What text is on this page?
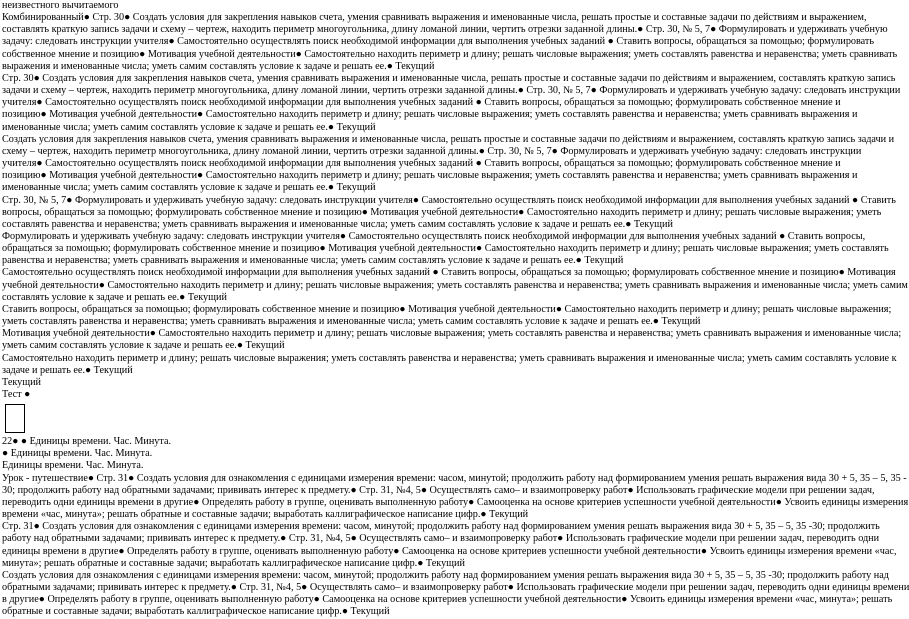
неизвестного вычитаемого
Комбинированный● Стр. 30● Создать условия для закрепления навыков счета, умения сравнивать выражения и именованные числа, решать простые и составные задачи по действиям и выражением,
составлять краткую запись задачи и схему – чертеж, находить периметр многоугольника, длину ломаной линии, чертить отрезки заданной длины.● Стр. 30, № 5, 7● Формулировать и удерживать учебную
задачу: следовать инструкции учителя● Самостоятельно осуществлять поиск необходимой информации для выполнения учебных заданий ● Ставить вопросы, обращаться за помощью; формулировать
собственное мнение и позицию● Мотивация учебной деятельности● Самостоятельно находить периметр и длину; решать числовые выражения; уметь составлять равенства и неравенства; уметь сравнивать
выражения и именованные числа; уметь самим составлять условие к задаче и решать ее.● Текущий
Стр. 30● Создать условия для закрепления навыков счета, умения сравнивать выражения и именованные числа, решать простые и составные задачи по действиям и выражением, составлять краткую запись
задачи и схему – чертеж, находить периметр многоугольника, длину ломаной линии, чертить отрезки заданной длины.● Стр. 30, № 5, 7● Формулировать и удерживать учебную задачу: следовать инструкции
учителя● Самостоятельно осуществлять поиск необходимой информации для выполнения учебных заданий ● Ставить вопросы, обращаться за помощью; формулировать собственное мнение и
позицию● Мотивация учебной деятельности● Самостоятельно находить периметр и длину; решать числовые выражения; уметь составлять равенства и неравенства; уметь сравнивать выражения и
именованные числа; уметь самим составлять условие к задаче и решать ее.● Текущий
Создать условия для закрепления навыков счета, умения сравнивать выражения и именованные числа, решать простые и составные задачи по действиям и выражением, составлять краткую запись задачи и
схему – чертеж, находить периметр многоугольника, длину ломаной линии, чертить отрезки заданной длины.● Стр. 30, № 5, 7● Формулировать и удерживать учебную задачу: следовать инструкции
учителя● Самостоятельно осуществлять поиск необходимой информации для выполнения учебных заданий ● Ставить вопросы, обращаться за помощью; формулировать собственное мнение и
позицию● Мотивация учебной деятельности● Самостоятельно находить периметр и длину; решать числовые выражения; уметь составлять равенства и неравенства; уметь сравнивать выражения и
именованные числа; уметь самим составлять условие к задаче и решать ее.● Текущий
Стр. 30, № 5, 7● Формулировать и удерживать учебную задачу: следовать инструкции учителя● Самостоятельно осуществлять поиск необходимой информации для выполнения учебных заданий ● Ставить
вопросы, обращаться за помощью; формулировать собственное мнение и позицию● Мотивация учебной деятельности● Самостоятельно находить периметр и длину; решать числовые выражения; уметь
составлять равенства и неравенства; уметь сравнивать выражения и именованные числа; уметь самим составлять условие к задаче и решать ее.● Текущий
Формулировать и удерживать учебную задачу: следовать инструкции учителя● Самостоятельно осуществлять поиск необходимой информации для выполнения учебных заданий ● Ставить вопросы,
обращаться за помощью; формулировать собственное мнение и позицию● Мотивация учебной деятельности● Самостоятельно находить периметр и длину; решать числовые выражения; уметь составлять
равенства и неравенства; уметь сравнивать выражения и именованные числа; уметь самим составлять условие к задаче и решать ее.● Текущий
Самостоятельно осуществлять поиск необходимой информации для выполнения учебных заданий ● Ставить вопросы, обращаться за помощью; формулировать собственное мнение и позицию● Мотивация
учебной деятельности● Самостоятельно находить периметр и длину; решать числовые выражения; уметь составлять равенства и неравенства; уметь сравнивать выражения и именованные числа; уметь самим
составлять условие к задаче и решать ее.● Текущий
Ставить вопросы, обращаться за помощью; формулировать собственное мнение и позицию● Мотивация учебной деятельности● Самостоятельно находить периметр и длину; решать числовые выражения;
уметь составлять равенства и неравенства; уметь сравнивать выражения и именованные числа; уметь самим составлять условие к задаче и решать ее.● Текущий
Мотивация учебной деятельности● Самостоятельно находить периметр и длину; решать числовые выражения; уметь составлять равенства и неравенства; уметь сравнивать выражения и именованные числа;
уметь самим составлять условие к задаче и решать ее.● Текущий
Самостоятельно находить периметр и длину; решать числовые выражения; уметь составлять равенства и неравенства; уметь сравнивать выражения и именованные числа; уметь самим составлять условие к
задаче и решать ее.● Текущий
Текущий
Тест ●
22● ● Единицы времени. Час. Минута.
● Единицы времени. Час. Минута.
Единицы времени. Час. Минута.
Урок - путешествие● Стр. 31● Создать условия для ознакомления с единицами измерения времени: часом, минутой; продолжить работу над формированием умения решать выражения вида 30 + 5, 35 – 5, 35 -
30; продолжить работу над обратными задачами; прививать интерес к предмету.● Стр. 31, №4, 5● Осуществлять само– и взаимопроверку работ● Использовать графические модели при решении задач,
переводить одни единицы времени в другие● Определять работу в группе, оценивать выполненную работу● Самооценка на основе критериев успешности учебной деятельности● Усвоить единицы измерения
времени «час, минута»; решать обратные и составные задачи; выработать каллиграфическое написание цифр.● Текущий
Стр. 31● Создать условия для ознакомления с единицами измерения времени: часом, минутой; продолжить работу над формированием умения решать выражения вида 30 + 5, 35 – 5, 35 -30; продолжить
работу над обратными задачами; прививать интерес к предмету.● Стр. 31, №4, 5● Осуществлять само– и взаимопроверку работ● Использовать графические модели при решении задач, переводить одни
единицы времени в другие● Определять работу в группе, оценивать выполненную работу● Самооценка на основе критериев успешности учебной деятельности● Усвоить единицы измерения времени «час,
минута»; решать обратные и составные задачи; выработать каллиграфическое написание цифр.● Текущий
Создать условия для ознакомления с единицами измерения времени: часом, минутой; продолжить работу над формированием умения решать выражения вида 30 + 5, 35 – 5, 35 -30; продолжить работу над
обратными задачами; прививать интерес к предмету.● Стр. 31, №4, 5● Осуществлять само– и взаимопроверку работ● Использовать графические модели при решении задач, переводить одни единицы времени
в другие● Определять работу в группе, оценивать выполненную работу● Самооценка на основе критериев успешности учебной деятельности● Усвоить единицы измерения времени «час, минута»; решать
обратные и составные задачи; выработать каллиграфическое написание цифр.● Текущий
